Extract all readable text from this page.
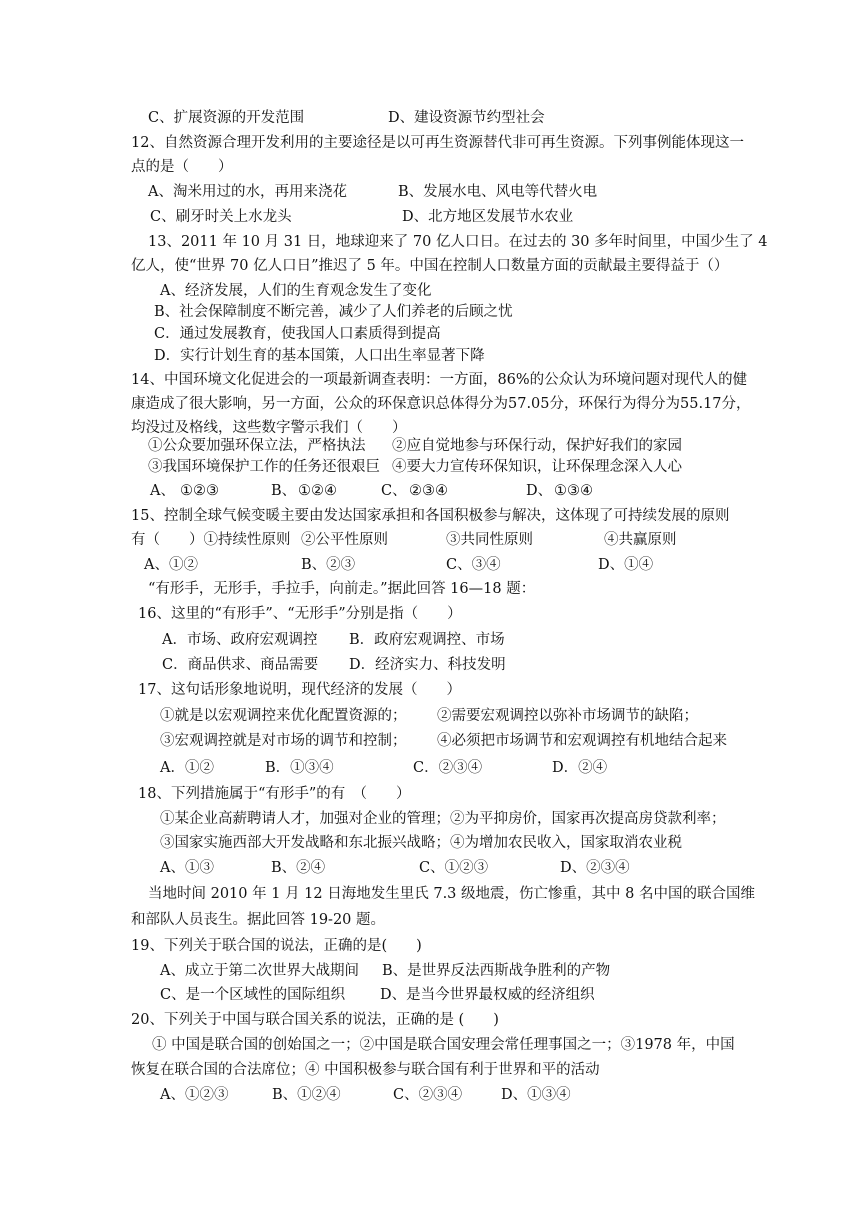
C、扩展资源的开发范围	D、建设资源节约型社会
12、自然资源合理开发利用的主要途径是以可再生资源替代非可再生资源。下列事例能体现这一
点的是（　　）
A、淘米用过的水，再用来浇花	B、发展水电、风电等代替火电
C、刷牙时关上水龙头	D、北方地区发展节水农业
13、2011 年 10 月 31 日，地球迎来了 70 亿人口日。在过去的 30 多年时间里，中国少生了 4
亿人，使“世界 70 亿人口日”推迟了 5 年。中国在控制人口数量方面的贡献最主要得益于（）
A、经济发展，人们的生育观念发生了变化
B、社会保障制度不断完善，减少了人们养老的后顾之忧
C．通过发展教育，使我国人口素质得到提高
D．实行计划生育的基本国策，人口出生率显著下降
14、中国环境文化促进会的一项最新调查表明：一方面，86%的公众认为环境问题对现代人的健
康造成了很大影响，另一方面，公众的环保意识总体得分为57.05分，环保行为得分为55.17分，
均没过及格线，这些数字警示我们（　　）
①公众要加强环保立法，严格执法 ②应自觉地参与环保行动，保护好我们的家园
③我国环境保护工作的任务还很艰巨 ④要大力宣传环保知识，让环保理念深入人心
A、 ①②③	B、 ①②④	C、 ②③④	D、 ①③④
15、控制全球气候变暖主要由发达国家承担和各国积极参与解决，这体现了可持续发展的原则
有（　　）①持续性原则 ②公平性原则	③共同性原则	④共赢原则
A、①②	B、②③	C、③④	D、①④
“有形手，无形手，手拉手，向前走。”据此回答 16—18 题：
16、这里的“有形手”、“无形手”分别是指（　　）
A．市场、政府宏观调控 B．政府宏观调控、市场
C．商品供求、商品需要 D．经济实力、科技发明
17、这句话形象地说明，现代经济的发展（　　）
①就是以宏观调控来优化配置资源的； ②需要宏观调控以弥补市场调节的缺陷；
③宏观调控就是对市场的调节和控制； ④必须把市场调节和宏观调控有机地结合起来
A．①②	B．①③④	C．②③④	D．②④
18、下列措施属于“有形手”的有　（　　）
①某企业高薪聘请人才，加强对企业的管理；②为平抑房价，国家再次提高房贷款利率；
③国家实施西部大开发战略和东北振兴战略；④为增加农民收入，国家取消农业税
A、①③	B、②④	C、①②③	D、②③④
当地时间 2010 年 1 月 12 日海地发生里氏 7.3 级地震，伤亡惨重，其中 8 名中国的联合国维
和部队人员丧生。据此回答 19-20 题。
19、下列关于联合国的说法，正确的是(　　)
A、成立于第二次世界大战期间 B、是世界反法西斯战争胜利的产物
C、是一个区域性的国际组织 D、是当今世界最权威的经济组织
20、下列关于中国与联合国关系的说法，正确的是 (　　)
① 中国是联合国的创始国之一；②中国是联合国安理会常任理事国之一；③1978 年，中国
恢复在联合国的合法席位；④ 中国积极参与联合国有利于世界和平的活动
A、①②③	B、①②④	C、②③④	D、①③④
